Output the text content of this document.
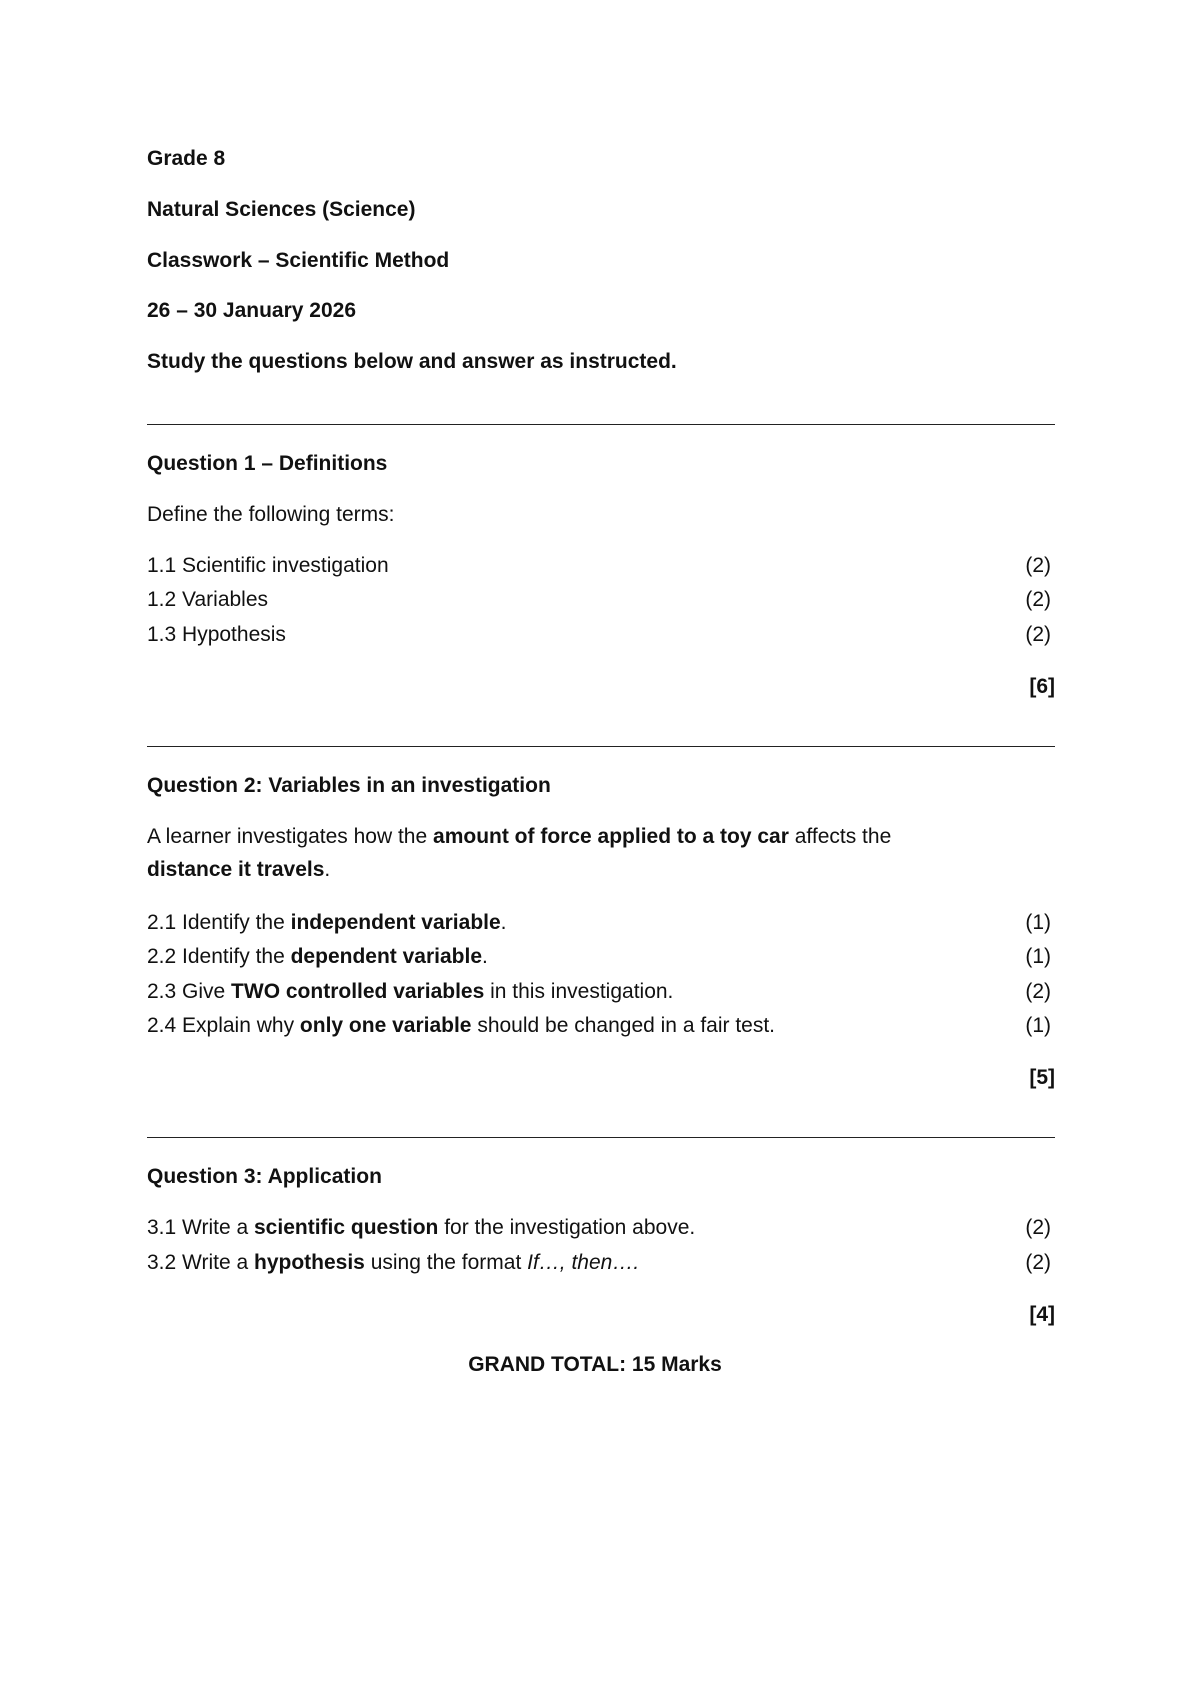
Grade 8
Natural Sciences (Science)
Classwork – Scientific Method
26 – 30 January 2026
Study the questions below and answer as instructed.
Question 1 – Definitions
Define the following terms:
1.1 Scientific investigation	(2)
1.2 Variables	(2)
1.3 Hypothesis	(2)
[6]
Question 2: Variables in an investigation
A learner investigates how the amount of force applied to a toy car affects the
distance it travels.
2.1 Identify the independent variable.	(1)
2.2 Identify the dependent variable.	(1)
2.3 Give TWO controlled variables in this investigation.	(2)
2.4 Explain why only one variable should be changed in a fair test.	(1)
[5]
Question 3: Application
3.1 Write a scientific question for the investigation above.	(2)
3.2 Write a hypothesis using the format If…, then….	(2)
[4]
GRAND TOTAL: 15 Marks
